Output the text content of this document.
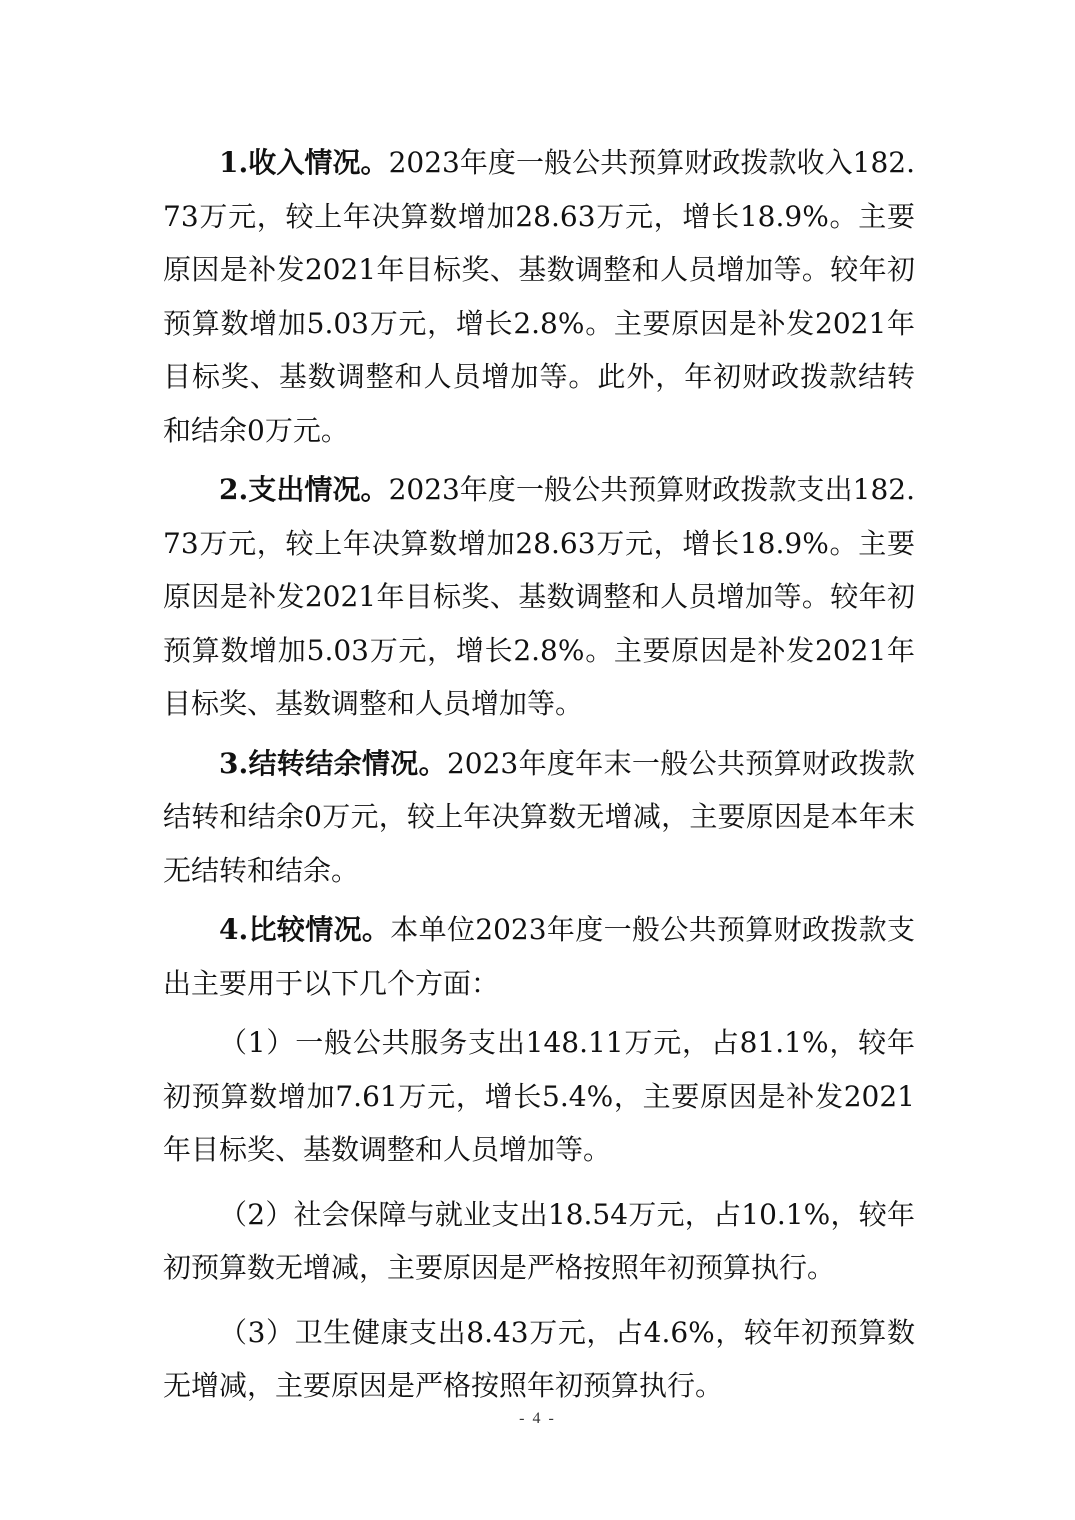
1.收入情况。2023年度一般公共预算财政拨款收入182.73万元，较上年决算数增加28.63万元，增长18.9%。主要原因是补发2021年目标奖、基数调整和人员增加等。较年初预算数增加5.03万元，增长2.8%。主要原因是补发2021年目标奖、基数调整和人员增加等。此外，年初财政拨款结转和结余0万元。

2.支出情况。2023年度一般公共预算财政拨款支出182.73万元，较上年决算数增加28.63万元，增长18.9%。主要原因是补发2021年目标奖、基数调整和人员增加等。较年初预算数增加5.03万元，增长2.8%。主要原因是补发2021年目标奖、基数调整和人员增加等。

3.结转结余情况。2023年度年末一般公共预算财政拨款结转和结余0万元，较上年决算数无增减，主要原因是本年末无结转和结余。

4.比较情况。本单位2023年度一般公共预算财政拨款支出主要用于以下几个方面：

（1）一般公共服务支出148.11万元，占81.1%，较年初预算数增加7.61万元，增长5.4%，主要原因是补发2021年目标奖、基数调整和人员增加等。

（2）社会保障与就业支出18.54万元，占10.1%，较年初预算数无增减，主要原因是严格按照年初预算执行。

（3）卫生健康支出8.43万元，占4.6%，较年初预算数无增减，主要原因是严格按照年初预算执行。

- 4 -
